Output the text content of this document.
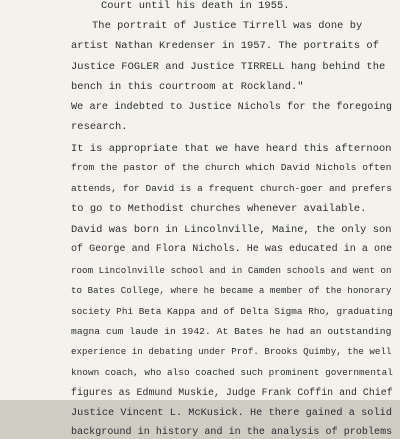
Court until his death in 1955.
The portrait of Justice Tirrell was done by
artist Nathan Kredenser in 1957. The portraits of
Justice FOGLER and Justice TIRRELL hang behind the
bench in this courtroom at Rockland."
We are indebted to Justice Nichols for the foregoing
research.
It is appropriate that we have heard this afternoon
from the pastor of the church which David Nichols often
attends, for David is a frequent church-goer and prefers
to go to Methodist churches whenever available.
David was born in Lincolnville, Maine, the only son
of George and Flora Nichols. He was educated in a one
room Lincolnville school and in Camden schools and went on
to Bates College, where he became a member of the honorary
society Phi Beta Kappa and of Delta Sigma Rho, graduating
magna cum laude in 1942. At Bates he had an outstanding
experience in debating under Prof. Brooks Quimby, the well
known coach, who also coached such prominent governmental
figures as Edmund Muskie, Judge Frank Coffin and Chief
Justice Vincent L. McKusick. He there gained a solid
background in history and in the analysis of problems
